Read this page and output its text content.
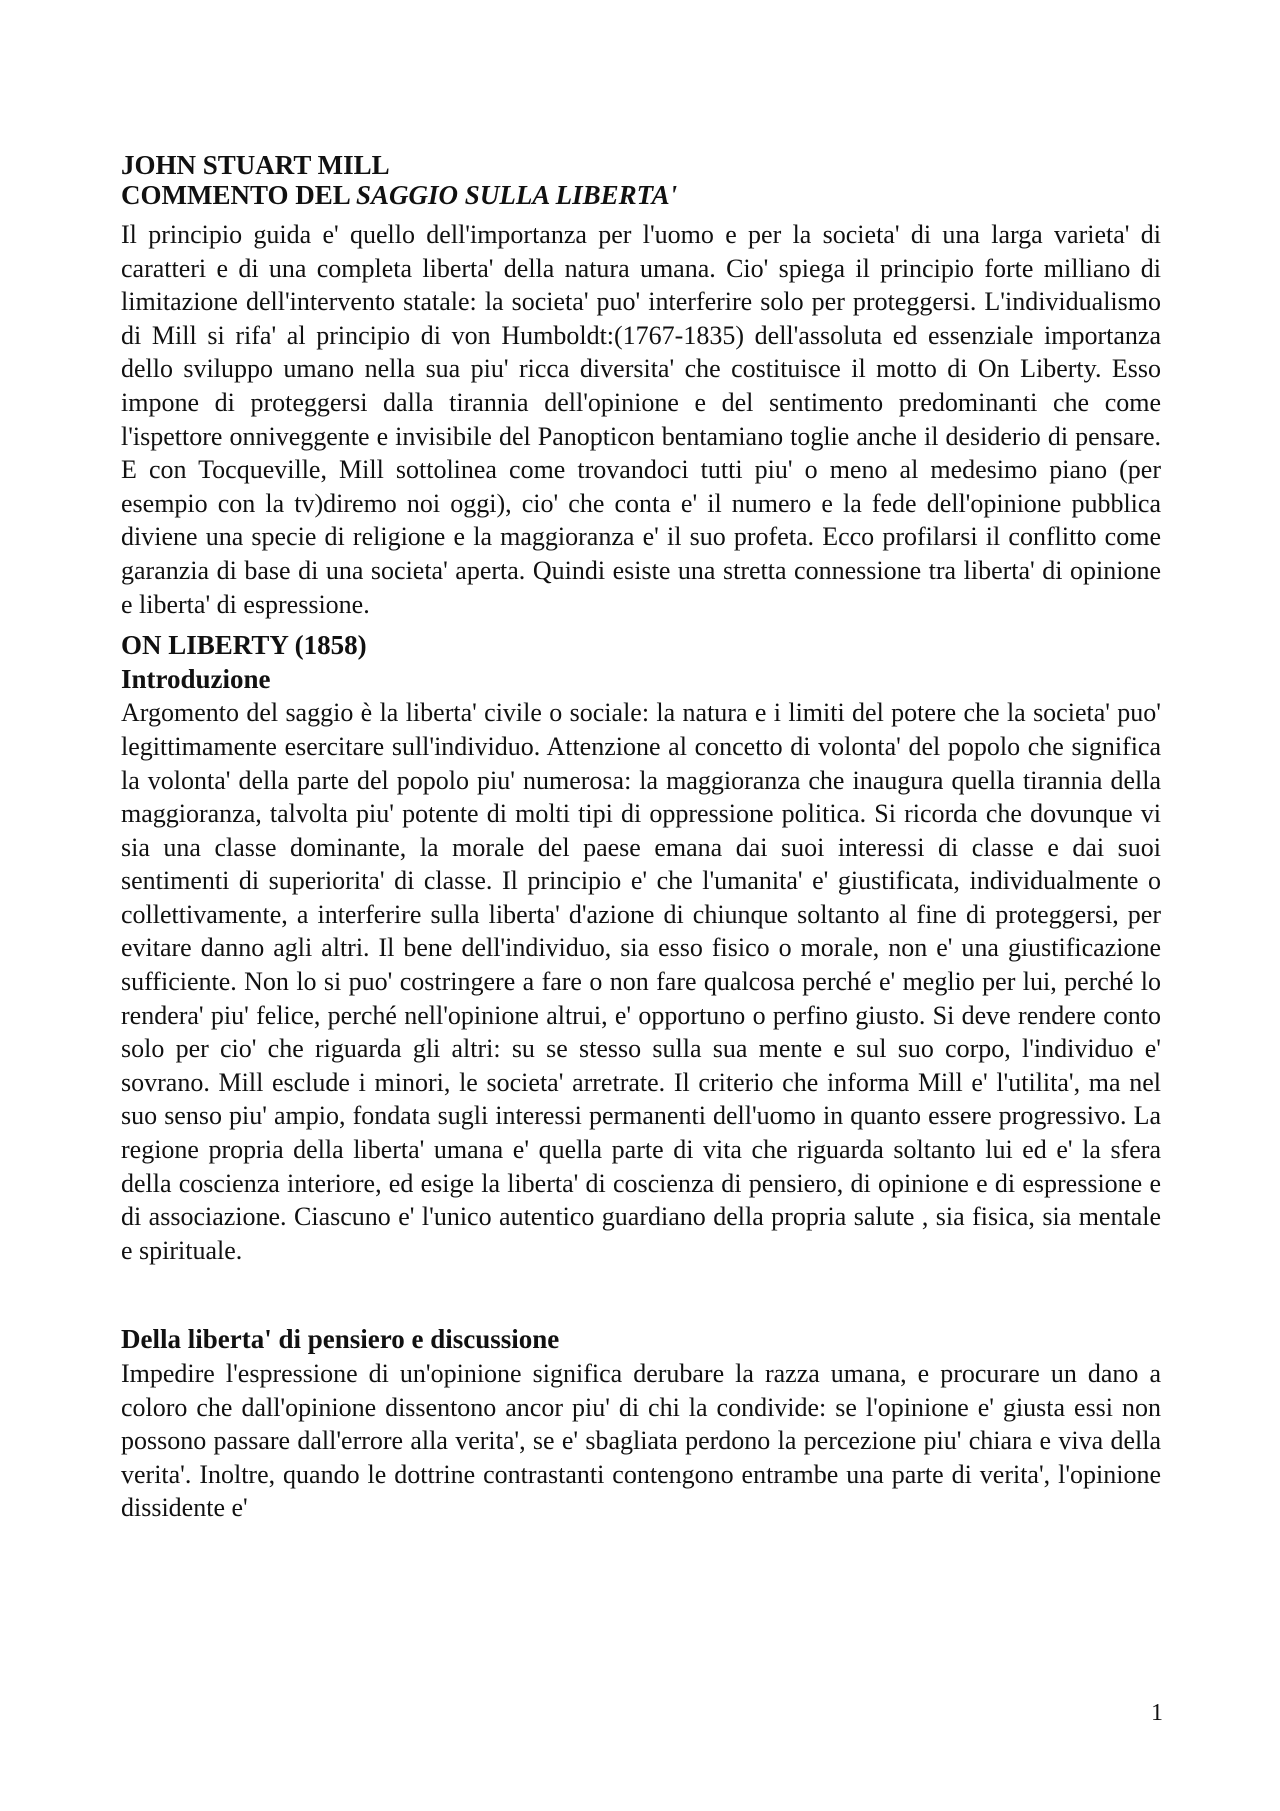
JOHN STUART MILL

COMMENTO DEL SAGGIO SULLA LIBERTA'

Il principio guida e' quello dell'importanza per l'uomo e per la societa' di una larga varieta' di caratteri e di una completa liberta' della natura umana. Cio' spiega il principio forte milliano di limitazione dell'intervento statale: la societa' puo' interferire solo per proteggersi. L'individualismo di Mill si rifa' al principio di von Humboldt:(1767-1835) dell'assoluta ed essenziale importanza dello sviluppo umano nella sua piu' ricca diversita' che costituisce il motto di On Liberty. Esso impone di proteggersi dalla tirannia dell'opinione e del sentimento predominanti che come l'ispettore onniveggente e invisibile del Panopticon bentamiano toglie anche il desiderio di pensare. E con Tocqueville, Mill sottolinea come trovandoci tutti piu' o meno al medesimo piano (per esempio con la tv)diremo noi oggi), cio' che conta e' il numero e la fede dell'opinione pubblica diviene una specie di religione e la maggioranza e' il suo profeta. Ecco profilarsi il conflitto come garanzia di base di una societa' aperta. Quindi esiste una stretta connessione tra liberta' di opinione e liberta' di espressione.

ON LIBERTY (1858)

Introduzione

Argomento del saggio è la liberta' civile o sociale: la natura e i limiti del potere che la societa' puo' legittimamente esercitare sull'individuo. Attenzione al concetto di volonta' del popolo che significa la volonta' della parte del popolo piu' numerosa: la maggioranza che inaugura quella tirannia della maggioranza, talvolta piu' potente di molti tipi di oppressione politica. Si ricorda che dovunque vi sia una classe dominante, la morale del paese emana dai suoi interessi di classe e dai suoi sentimenti di superiorita' di classe. Il principio e' che l'umanita' e' giustificata, individualmente o collettivamente, a interferire sulla liberta' d'azione di chiunque soltanto al fine di proteggersi, per evitare danno agli altri. Il bene dell'individuo, sia esso fisico o morale, non e' una giustificazione sufficiente. Non lo si puo' costringere a fare o non fare qualcosa perché e' meglio per lui, perché lo rendera' piu' felice, perché nell'opinione altrui, e' opportuno o perfino giusto. Si deve rendere conto solo per cio' che riguarda gli altri: su se stesso sulla sua mente e sul suo corpo, l'individuo e' sovrano. Mill esclude i minori, le societa' arretrate. Il criterio che informa Mill e' l'utilita', ma nel suo senso piu' ampio, fondata sugli interessi permanenti dell'uomo in quanto essere progressivo. La regione propria della liberta' umana e' quella parte di vita che riguarda soltanto lui ed e' la sfera della coscienza interiore, ed esige la liberta' di coscienza di pensiero, di opinione e di espressione e di associazione. Ciascuno e' l'unico autentico guardiano della propria salute , sia fisica, sia mentale e spirituale.

Della liberta' di pensiero e discussione

Impedire l'espressione di un'opinione significa derubare la razza umana, e procurare un dano a coloro che dall'opinione dissentono ancor piu' di chi la condivide: se l'opinione e' giusta essi non possono passare dall'errore alla verita', se e' sbagliata perdono la percezione piu' chiara e viva della verita'. Inoltre, quando le dottrine contrastanti contengono entrambe una parte di verita', l'opinione dissidente e'

1
